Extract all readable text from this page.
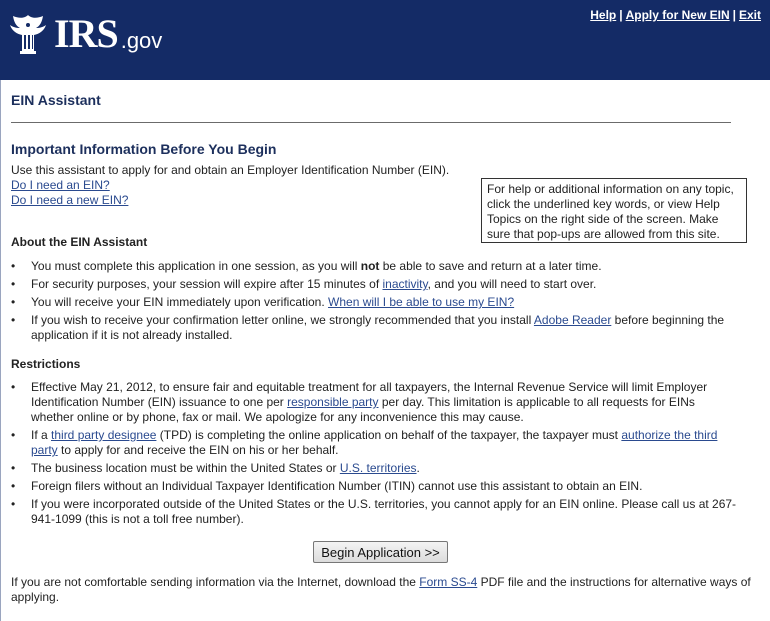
IRS .gov
Help | Apply for New EIN | Exit
EIN Assistant
Important Information Before You Begin
Use this assistant to apply for and obtain an Employer Identification Number (EIN).
Do I need an EIN?
Do I need a new EIN?
For help or additional information on any topic, click the underlined key words, or view Help Topics on the right side of the screen. Make sure that pop-ups are allowed from this site.
About the EIN Assistant
• You must complete this application in one session, as you will not be able to save and return at a later time.
• For security purposes, your session will expire after 15 minutes of inactivity, and you will need to start over.
• You will receive your EIN immediately upon verification. When will I be able to use my EIN?
• If you wish to receive your confirmation letter online, we strongly recommended that you install Adobe Reader before beginning the application if it is not already installed.
Restrictions
• Effective May 21, 2012, to ensure fair and equitable treatment for all taxpayers, the Internal Revenue Service will limit Employer Identification Number (EIN) issuance to one per responsible party per day. This limitation is applicable to all requests for EINs whether online or by phone, fax or mail. We apologize for any inconvenience this may cause.
• If a third party designee (TPD) is completing the online application on behalf of the taxpayer, the taxpayer must authorize the third party to apply for and receive the EIN on his or her behalf.
• The business location must be within the United States or U.S. territories.
• Foreign filers without an Individual Taxpayer Identification Number (ITIN) cannot use this assistant to obtain an EIN.
• If you were incorporated outside of the United States or the U.S. territories, you cannot apply for an EIN online. Please call us at 267-941-1099 (this is not a toll free number).
Begin Application >>
If you are not comfortable sending information via the Internet, download the Form SS-4 PDF file and the instructions for alternative ways of applying.
